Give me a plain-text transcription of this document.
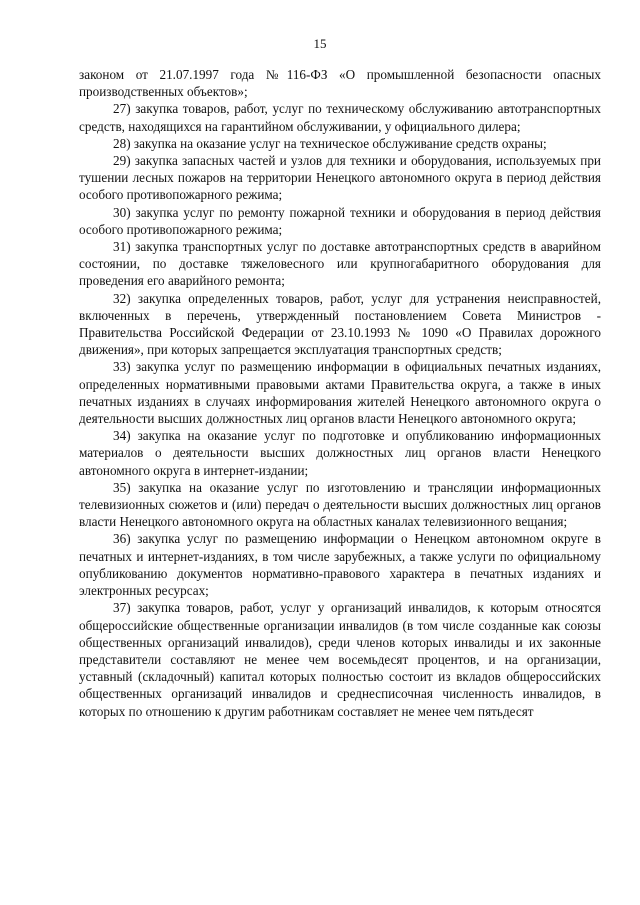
15

законом от 21.07.1997 года №116-ФЗ «О промышленной безопасности опасных производственных объектов»;

27) закупка товаров, работ, услуг по техническому обслуживанию автотранспортных средств, находящихся на гарантийном обслуживании, у официального дилера;

28) закупка на оказание услуг на техническое обслуживание средств охраны;

29) закупка запасных частей и узлов для техники и оборудования, используемых при тушении лесных пожаров на территории Ненецкого автономного округа в период действия особого противопожарного режима;

30) закупка услуг по ремонту пожарной техники и оборудования в период действия особого противопожарного режима;

31) закупка транспортных услуг по доставке автотранспортных средств в аварийном состоянии, по доставке тяжеловесного или крупногабаритного оборудования для проведения его аварийного ремонта;

32) закупка определенных товаров, работ, услуг для устранения неисправностей, включенных в перечень, утвержденный постановлением Совета Министров - Правительства Российской Федерации от 23.10.1993 № 1090 «О Правилах дорожного движения», при которых запрещается эксплуатация транспортных средств;

33) закупка услуг по размещению информации в официальных печатных изданиях, определенных нормативными правовыми актами Правительства округа, а также в иных печатных изданиях в случаях информирования жителей Ненецкого автономного округа о деятельности высших должностных лиц органов власти Ненецкого автономного округа;

34) закупка на оказание услуг по подготовке и опубликованию информационных материалов о деятельности высших должностных лиц органов власти Ненецкого автономного округа в интернет-издании;

35) закупка на оказание услуг по изготовлению и трансляции информационных телевизионных сюжетов и (или) передач о деятельности высших должностных лиц органов власти Ненецкого автономного округа на областных каналах телевизионного вещания;

36) закупка услуг по размещению информации о Ненецком автономном округе в печатных и интернет-изданиях, в том числе зарубежных, а также услуги по официальному опубликованию документов нормативно-правового характера в печатных изданиях и электронных ресурсах;

37) закупка товаров, работ, услуг у организаций инвалидов, к которым относятся общероссийские общественные организации инвалидов (в том числе созданные как союзы общественных организаций инвалидов), среди членов которых инвалиды и их законные представители составляют не менее чем восемьдесят процентов, и на организации, уставный (складочный) капитал которых полностью состоит из вкладов общероссийских общественных организаций инвалидов и среднесписочная численность инвалидов, в которых по отношению к другим работникам составляет не менее чем пятьдесят
